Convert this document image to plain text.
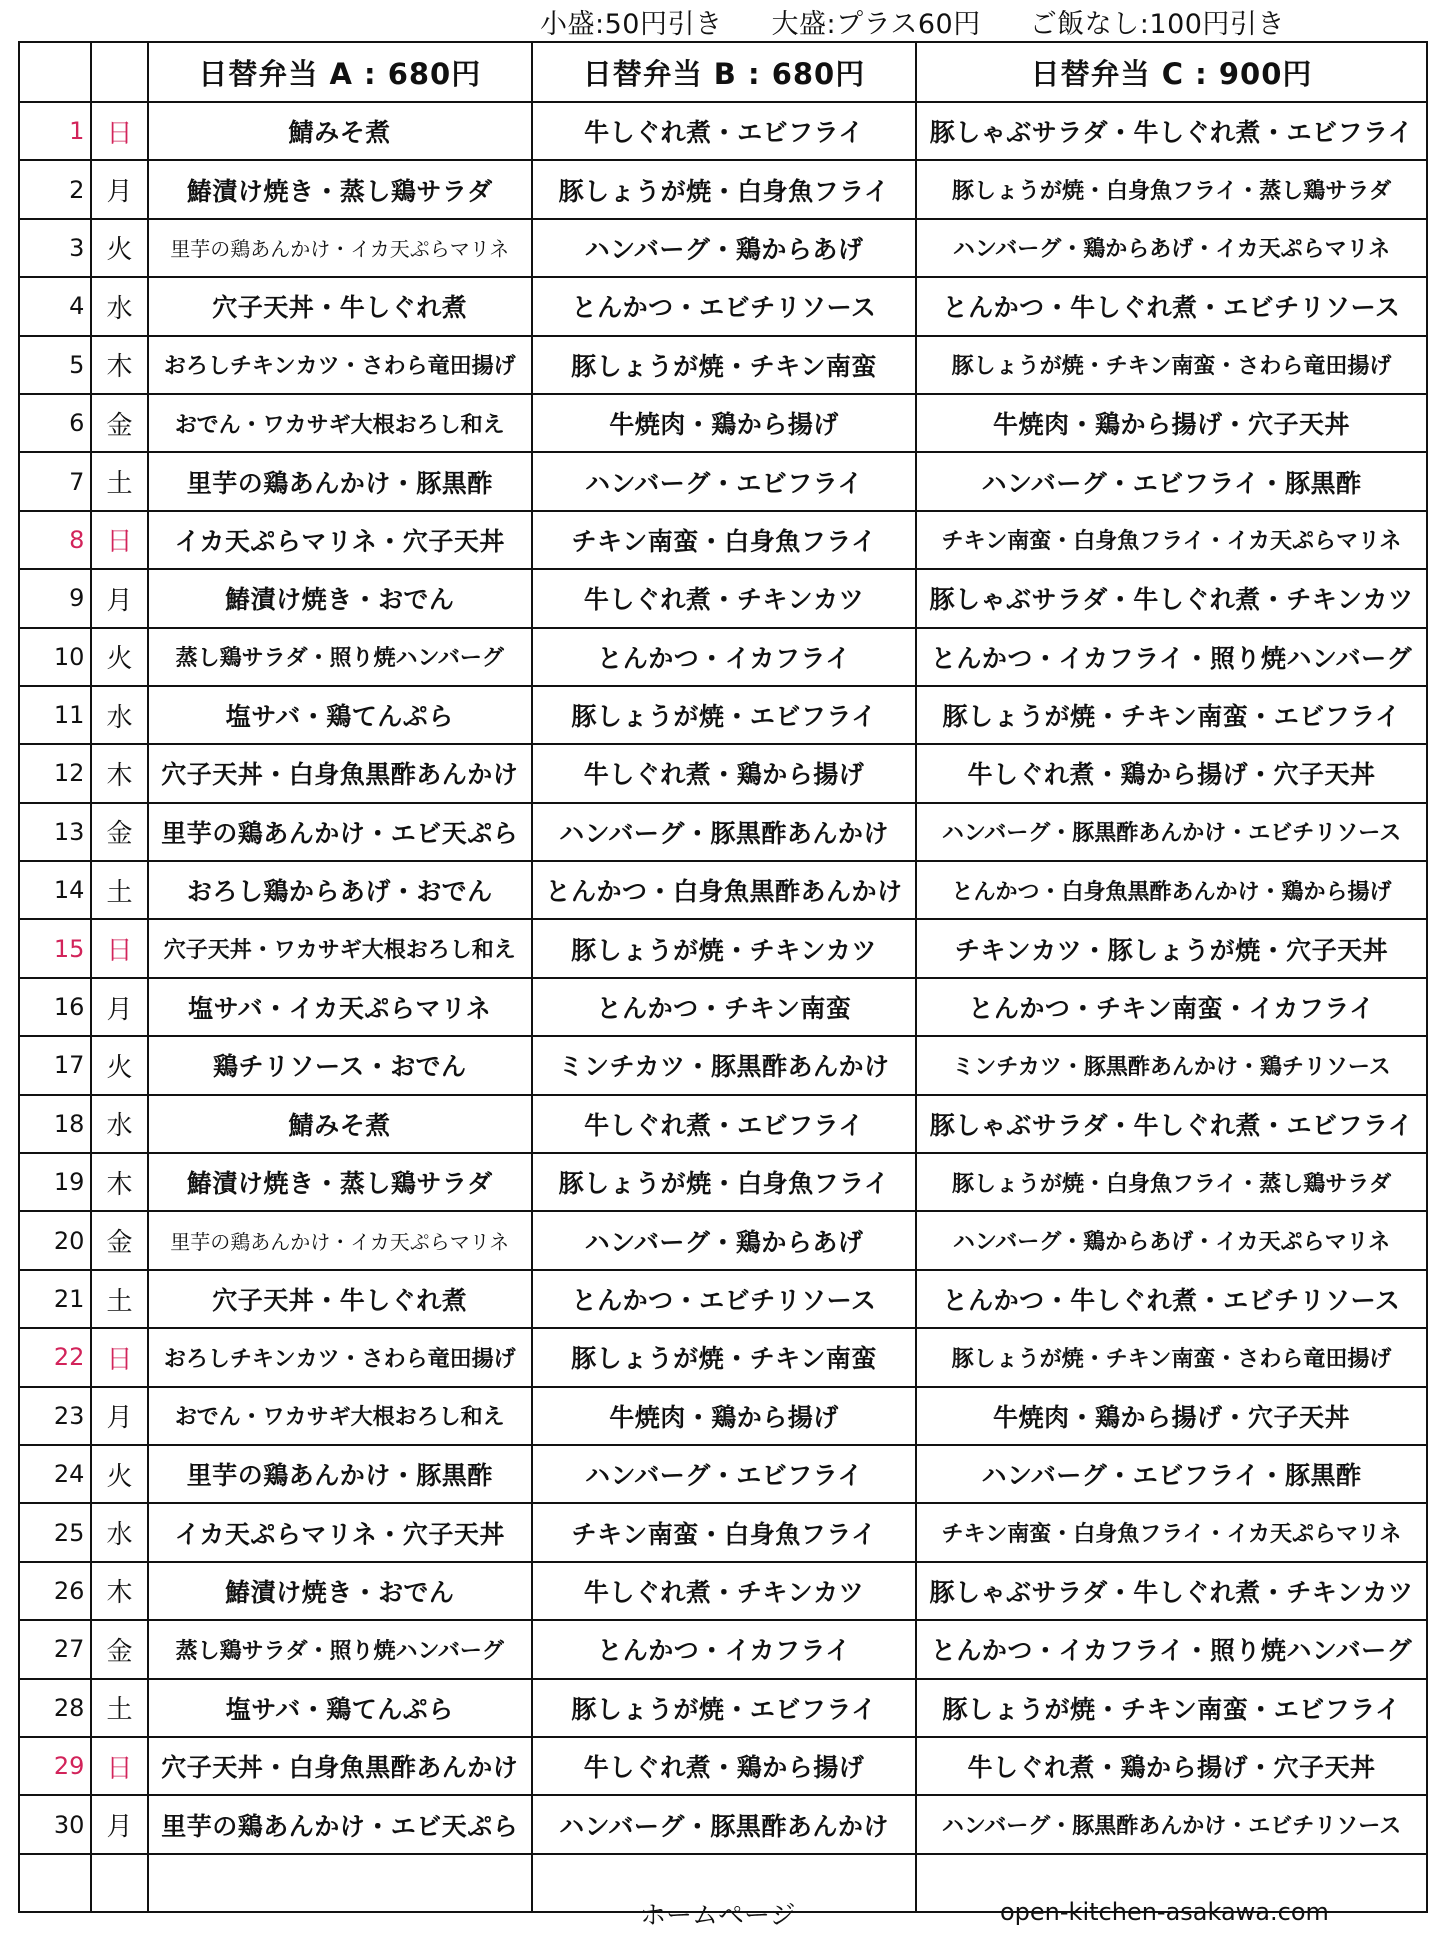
小盛:50円引き 大盛:プラス60円 ご飯なし:100円引き
		日替弁当 A : 680円	日替弁当 B : 680円	日替弁当 C : 900円
1	日	鯖みそ煮	牛しぐれ煮・エビフライ	豚しゃぶサラダ・牛しぐれ煮・エビフライ
2	月	鰆漬け焼き・蒸し鶏サラダ	豚しょうが焼・白身魚フライ	豚しょうが焼・白身魚フライ・蒸し鶏サラダ
3	火	里芋の鶏あんかけ・イカ天ぷらマリネ	ハンバーグ・鶏からあげ	ハンバーグ・鶏からあげ・イカ天ぷらマリネ
4	水	穴子天丼・牛しぐれ煮	とんかつ・エビチリソース	とんかつ・牛しぐれ煮・エビチリソース
5	木	おろしチキンカツ・さわら竜田揚げ	豚しょうが焼・チキン南蛮	豚しょうが焼・チキン南蛮・さわら竜田揚げ
6	金	おでん・ワカサギ大根おろし和え	牛焼肉・鶏から揚げ	牛焼肉・鶏から揚げ・穴子天丼
7	土	里芋の鶏あんかけ・豚黒酢	ハンバーグ・エビフライ	ハンバーグ・エビフライ・豚黒酢
8	日	イカ天ぷらマリネ・穴子天丼	チキン南蛮・白身魚フライ	チキン南蛮・白身魚フライ・イカ天ぷらマリネ
9	月	鰆漬け焼き・おでん	牛しぐれ煮・チキンカツ	豚しゃぶサラダ・牛しぐれ煮・チキンカツ
10	火	蒸し鶏サラダ・照り焼ハンバーグ	とんかつ・イカフライ	とんかつ・イカフライ・照り焼ハンバーグ
11	水	塩サバ・鶏てんぷら	豚しょうが焼・エビフライ	豚しょうが焼・チキン南蛮・エビフライ
12	木	穴子天丼・白身魚黒酢あんかけ	牛しぐれ煮・鶏から揚げ	牛しぐれ煮・鶏から揚げ・穴子天丼
13	金	里芋の鶏あんかけ・エビ天ぷら	ハンバーグ・豚黒酢あんかけ	ハンバーグ・豚黒酢あんかけ・エビチリソース
14	土	おろし鶏からあげ・おでん	とんかつ・白身魚黒酢あんかけ	とんかつ・白身魚黒酢あんかけ・鶏から揚げ
15	日	穴子天丼・ワカサギ大根おろし和え	豚しょうが焼・チキンカツ	チキンカツ・豚しょうが焼・穴子天丼
16	月	塩サバ・イカ天ぷらマリネ	とんかつ・チキン南蛮	とんかつ・チキン南蛮・イカフライ
17	火	鶏チリソース・おでん	ミンチカツ・豚黒酢あんかけ	ミンチカツ・豚黒酢あんかけ・鶏チリソース
18	水	鯖みそ煮	牛しぐれ煮・エビフライ	豚しゃぶサラダ・牛しぐれ煮・エビフライ
19	木	鰆漬け焼き・蒸し鶏サラダ	豚しょうが焼・白身魚フライ	豚しょうが焼・白身魚フライ・蒸し鶏サラダ
20	金	里芋の鶏あんかけ・イカ天ぷらマリネ	ハンバーグ・鶏からあげ	ハンバーグ・鶏からあげ・イカ天ぷらマリネ
21	土	穴子天丼・牛しぐれ煮	とんかつ・エビチリソース	とんかつ・牛しぐれ煮・エビチリソース
22	日	おろしチキンカツ・さわら竜田揚げ	豚しょうが焼・チキン南蛮	豚しょうが焼・チキン南蛮・さわら竜田揚げ
23	月	おでん・ワカサギ大根おろし和え	牛焼肉・鶏から揚げ	牛焼肉・鶏から揚げ・穴子天丼
24	火	里芋の鶏あんかけ・豚黒酢	ハンバーグ・エビフライ	ハンバーグ・エビフライ・豚黒酢
25	水	イカ天ぷらマリネ・穴子天丼	チキン南蛮・白身魚フライ	チキン南蛮・白身魚フライ・イカ天ぷらマリネ
26	木	鰆漬け焼き・おでん	牛しぐれ煮・チキンカツ	豚しゃぶサラダ・牛しぐれ煮・チキンカツ
27	金	蒸し鶏サラダ・照り焼ハンバーグ	とんかつ・イカフライ	とんかつ・イカフライ・照り焼ハンバーグ
28	土	塩サバ・鶏てんぷら	豚しょうが焼・エビフライ	豚しょうが焼・チキン南蛮・エビフライ
29	日	穴子天丼・白身魚黒酢あんかけ	牛しぐれ煮・鶏から揚げ	牛しぐれ煮・鶏から揚げ・穴子天丼
30	月	里芋の鶏あんかけ・エビ天ぷら	ハンバーグ・豚黒酢あんかけ	ハンバーグ・豚黒酢あんかけ・エビチリソース

ホームページ	open-kitchen-asakawa.com
